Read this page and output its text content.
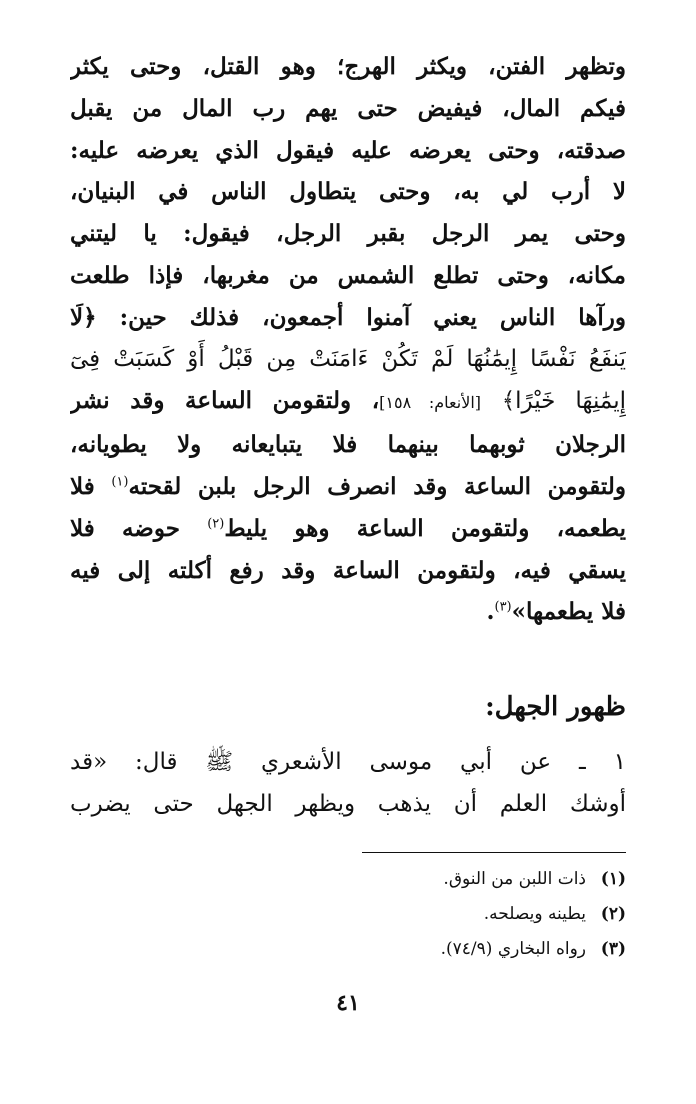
وتظهر الفتن، ويكثر الهرج؛ وهو القتل، وحتى يكثر
فيكم المال، فيفيض حتى يهم رب المال من يقبل
صدقته، وحتى يعرضه عليه فيقول الذي يعرضه عليه:
لا أرب لي به، وحتى يتطاول الناس في البنيان،
وحتى يمر الرجل بقبر الرجل، فيقول: يا ليتني
مكانه، وحتى تطلع الشمس من مغربها، فإذا طلعت
ورآها الناس يعني آمنوا أجمعون، فذلك حين: ﴿لَا
يَنفَعُ نَفْسًا إِيمَٰنُهَا لَمْ تَكُنْ ءَامَنَتْ مِن قَبْلُ أَوْ كَسَبَتْ فِىٓ
إِيمَٰنِهَا خَيْرًا﴾ [الأنعام: ١٥٨]، ولتقومن الساعة وقد نشر
الرجلان ثوبهما بينهما فلا يتبايعانه ولا يطويانه،
ولتقومن الساعة وقد انصرف الرجل بلبن لقحته$^{(١)}$ فلا
يطعمه، ولتقومن الساعة وهو يليط$^{(٢)}$ حوضه فلا
يسقي فيه، ولتقومن الساعة وقد رفع أكلته إلى فيه
فلا يطعمها»$^{(٣)}$.

ظهور الجهل:

١ ـ عن أبي موسى الأشعري ﷺ قال: «قد
أوشك العلم أن يذهب ويظهر الجهل حتى يضرب

(١)ذات اللبن من النوق.
(٢)يطينه ويصلحه.
(٣)رواه البخاري (٧٤/٩).
٤١
